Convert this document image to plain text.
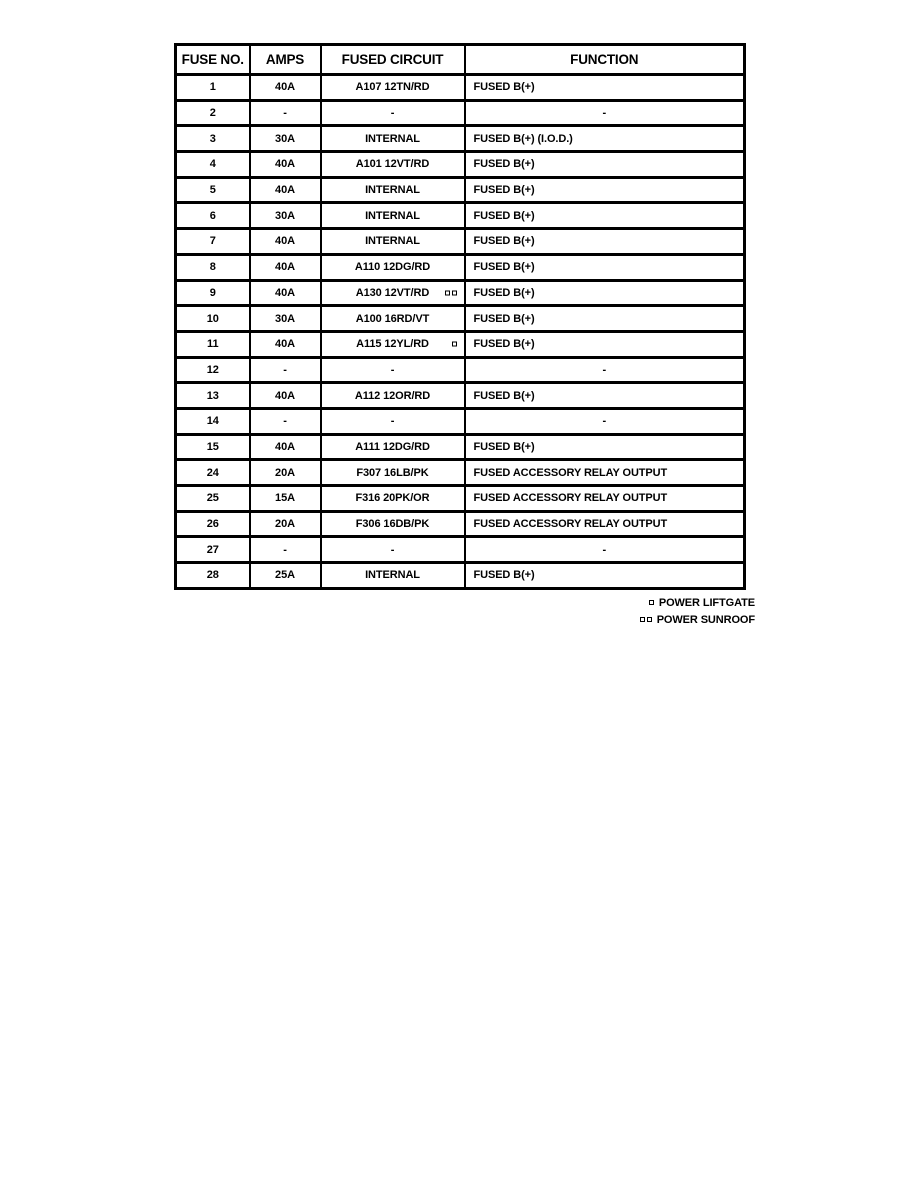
FUSE NO.	AMPS	FUSED CIRCUIT	FUNCTION
1	40A	A107 12TN/RD	FUSED B(+)
2	-	-	-
3	30A	INTERNAL	FUSED B(+) (I.O.D.)
4	40A	A101 12VT/RD	FUSED B(+)
5	40A	INTERNAL	FUSED B(+)
6	30A	INTERNAL	FUSED B(+)
7	40A	INTERNAL	FUSED B(+)
8	40A	A110 12DG/RD	FUSED B(+)
9	40A	A130 12VT/RD	FUSED B(+)
10	30A	A100 16RD/VT	FUSED B(+)
11	40A	A115 12YL/RD	FUSED B(+)
12	-	-	-
13	40A	A112 12OR/RD	FUSED B(+)
14	-	-	-
15	40A	A111 12DG/RD	FUSED B(+)
24	20A	F307 16LB/PK	FUSED ACCESSORY RELAY OUTPUT
25	15A	F316 20PK/OR	FUSED ACCESSORY RELAY OUTPUT
26	20A	F306 16DB/PK	FUSED ACCESSORY RELAY OUTPUT
27	-	-	-
28	25A	INTERNAL	FUSED B(+)
POWER LIFTGATE
POWER SUNROOF
